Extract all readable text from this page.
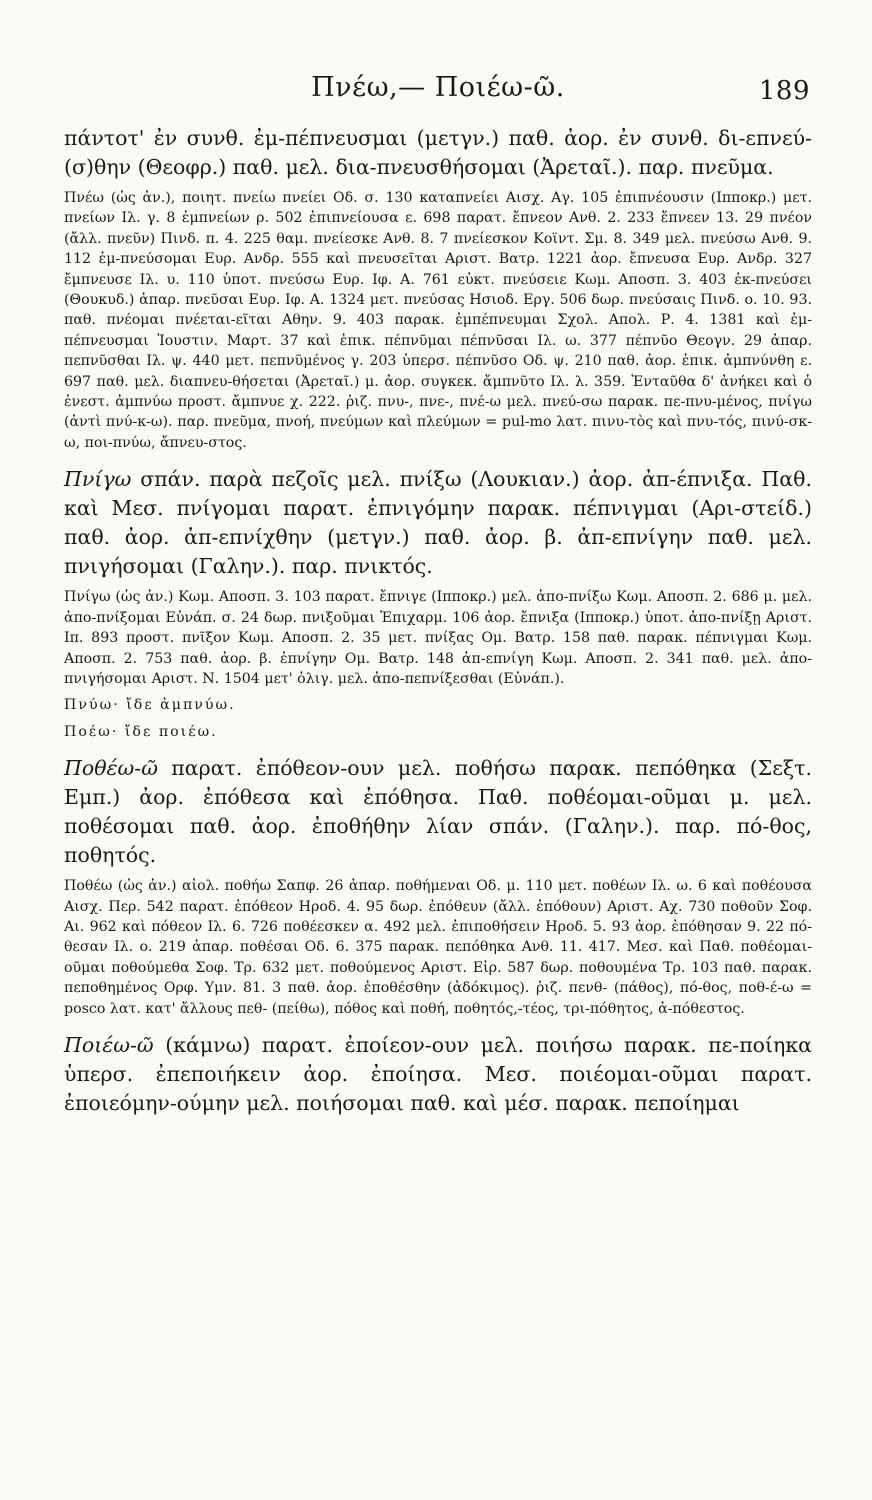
Πνέω,— Ποιέω-ῶ.	189

πάντοτ' ἐν συνθ. ἐμ-πέπνευσμαι (μετγν.) παθ. ἀορ. ἐν συνθ. δι-επνεύ-(σ)θην (Θεοφρ.) παθ. μελ. δια-πνευσθήσομαι (Ἀρεταῖ.). παρ. πνεῦμα.

Πνέω (ὡς ἀν.), ποιητ. πνείω πνείει Οδ. σ. 130 καταπνείει Αισχ. Αγ. 105 ἐπιπνέουσιν (Ιπποκρ.) μετ. πνείων Ιλ. γ. 8 ἐμπνείων ρ. 502 ἐπιπνείουσα ε. 698 παρατ. ἔπνεον Ανθ. 2. 233 ἔπνεεν 13. 29 πνέον (ἄλλ. πνεῦν) Πινδ. π. 4. 225 θαμ. πνείεσκε Ανθ. 8. 7 πνείεσκον Κοϊντ. Σμ. 8. 349 μελ. πνεύσω Ανθ. 9. 112 ἐμ-πνεύσομαι Ευρ. Ανδρ. 555 καὶ πνευσεῖται Αριστ. Βατρ. 1221 ἀορ. ἔπνευσα Ευρ. Ανδρ. 327 ἔμπνευσε Ιλ. υ. 110 ὑποτ. πνεύσω Ευρ. Ιφ. Α. 761 εὐκτ. πνεύσειε Κωμ. Αποσπ. 3. 403 ἐκ-πνεύσει (Θουκυδ.) ἀπαρ. πνεῦσαι Ευρ. Ιφ. Α. 1324 μετ. πνεύσας Ησιοδ. Εργ. 506 δωρ. πνεύσαις Πινδ. ο. 10. 93. παθ. πνέομαι πνέεται-εῖται Αθην. 9. 403 παρακ. ἐμπέπνευμαι Σχολ. Απολ. Ρ. 4. 1381 καὶ ἐμ-πέπνευσμαι Ἰουστιν. Μαρτ. 37 καὶ ἐπικ. πέπνῦμαι πέπνῦσαι Ιλ. ω. 377 πέπνῦο Θεογν. 29 ἀπαρ. πεπνῦσθαι Ιλ. ψ. 440 μετ. πεπνῦμένος γ. 203 ὑπερσ. πέπνῦσο Οδ. ψ. 210 παθ. ἀορ. ἐπικ. ἀμπνύνθη ε. 697 παθ. μελ. διαπνευ-θήσεται (Ἀρεταῖ.) μ. ἀορ. συγκεκ. ἄμπνῦτο Ιλ. λ. 359. Ἐνταῦθα δ' ἀνήκει καὶ ὁ ἐνεστ. ἀμπνύω προστ. ἄμπνυε χ. 222. ῥιζ. πνυ-, πνε-, πνέ-ω μελ. πνεύ-σω παρακ. πε-πνυ-μένος, πνίγω (ἀντὶ πνύ-κ-ω). παρ. πνεῦμα, πνοή, πνεύμων καὶ πλεύμων = pul-mo λατ. πινυ-τὸς καὶ πνυ-τός, πινύ-σκ-ω, ποι-πνύω, ἄπνευ-στος.

Πνίγω σπάν. παρὰ πεζοῖς μελ. πνίξω (Λουκιαν.) ἀορ. ἀπ-έπνιξα. Παθ. καὶ Μεσ. πνίγομαι παρατ. ἐπνιγόμην παρακ. πέπνιγμαι (Αρι-στείδ.) παθ. ἀορ. ἀπ-επνίχθην (μετγν.) παθ. ἀορ. β. ἀπ-επνίγην παθ. μελ. πνιγήσομαι (Γαλην.). παρ. πνικτός.

Πνίγω (ὡς ἀν.) Κωμ. Αποσπ. 3. 103 παρατ. ἔπνιγε (Ιπποκρ.) μελ. ἀπο-πνίξω Κωμ. Αποσπ. 2. 686 μ. μελ. ἀπο-πνίξομαι Εὐνάπ. σ. 24 δωρ. πνιξοῦμαι Ἐπιχαρμ. 106 ἀορ. ἔπνιξα (Ιπποκρ.) ὑποτ. ἀπο-πνίξῃ Αριστ. Ιπ. 893 προστ. πνῖξον Κωμ. Αποσπ. 2. 35 μετ. πνίξας Ομ. Βατρ. 158 παθ. παρακ. πέπνιγμαι Κωμ. Αποσπ. 2. 753 παθ. ἀορ. β. ἐπνίγην Ομ. Βατρ. 148 ἀπ-επνίγη Κωμ. Αποσπ. 2. 341 παθ. μελ. ἀπο-πνιγήσομαι Αριστ. Ν. 1504 μετ' ὀλιγ. μελ. ἀπο-πεπνίξεσθαι (Εὐνάπ.).

Πνύω· ἴδε ἀμπνύω.

Ποέω· ἴδε ποιέω.

Ποθέω-ῶ παρατ. ἐπόθεον-ουν μελ. ποθήσω παρακ. πεπόθηκα (Σεξτ. Εμπ.) ἀορ. ἐπόθεσα καὶ ἐπόθησα. Παθ. ποθέομαι-οῦμαι μ. μελ. ποθέσομαι παθ. ἀορ. ἐποθήθην λίαν σπάν. (Γαλην.). παρ. πό-θος, ποθητός.

Ποθέω (ὡς ἀν.) αἰολ. ποθήω Σαπφ. 26 ἀπαρ. ποθήμεναι Οδ. μ. 110 μετ. ποθέων Ιλ. ω. 6 καὶ ποθέουσα Αισχ. Περ. 542 παρατ. ἐπόθεον Ηροδ. 4. 95 δωρ. ἐπόθευν (ἄλλ. ἐπόθουν) Αριστ. Αχ. 730 ποθοῦν Σοφ. Αι. 962 καὶ πόθεον Ιλ. 6. 726 ποθέεσκεν α. 492 μελ. ἐπιποθήσειν Ηροδ. 5. 93 ἀορ. ἐπόθησαν 9. 22 πό-θεσαν Ιλ. ο. 219 ἀπαρ. ποθέσαι Οδ. 6. 375 παρακ. πεπόθηκα Ανθ. 11. 417. Μεσ. καὶ Παθ. ποθέομαι-οῦμαι ποθούμεθα Σοφ. Τρ. 632 μετ. ποθούμενος Αριστ. Εἰρ. 587 δωρ. ποθουμένα Τρ. 103 παθ. παρακ. πεποθημένος Ορφ. Υμν. 81. 3 παθ. ἀορ. ἐποθέσθην (ἀδόκιμος). ῥιζ. πενθ- (πάθος), πό-θος, ποθ-έ-ω = posco λατ. κατ' ἄλλους πεθ- (πείθω), πόθος καὶ ποθή, ποθητός,-τέος, τρι-πόθητος, ἀ-πόθεστος.

Ποιέω-ῶ (κάμνω) παρατ. ἐποίεον-ουν μελ. ποιήσω παρακ. πε-ποίηκα ὑπερσ. ἐπεποιήκειν ἀορ. ἐποίησα. Μεσ. ποιέομαι-οῦμαι παρατ. ἐποιεόμην-ούμην μελ. ποιήσομαι παθ. καὶ μέσ. παρακ. πεποίημαι
